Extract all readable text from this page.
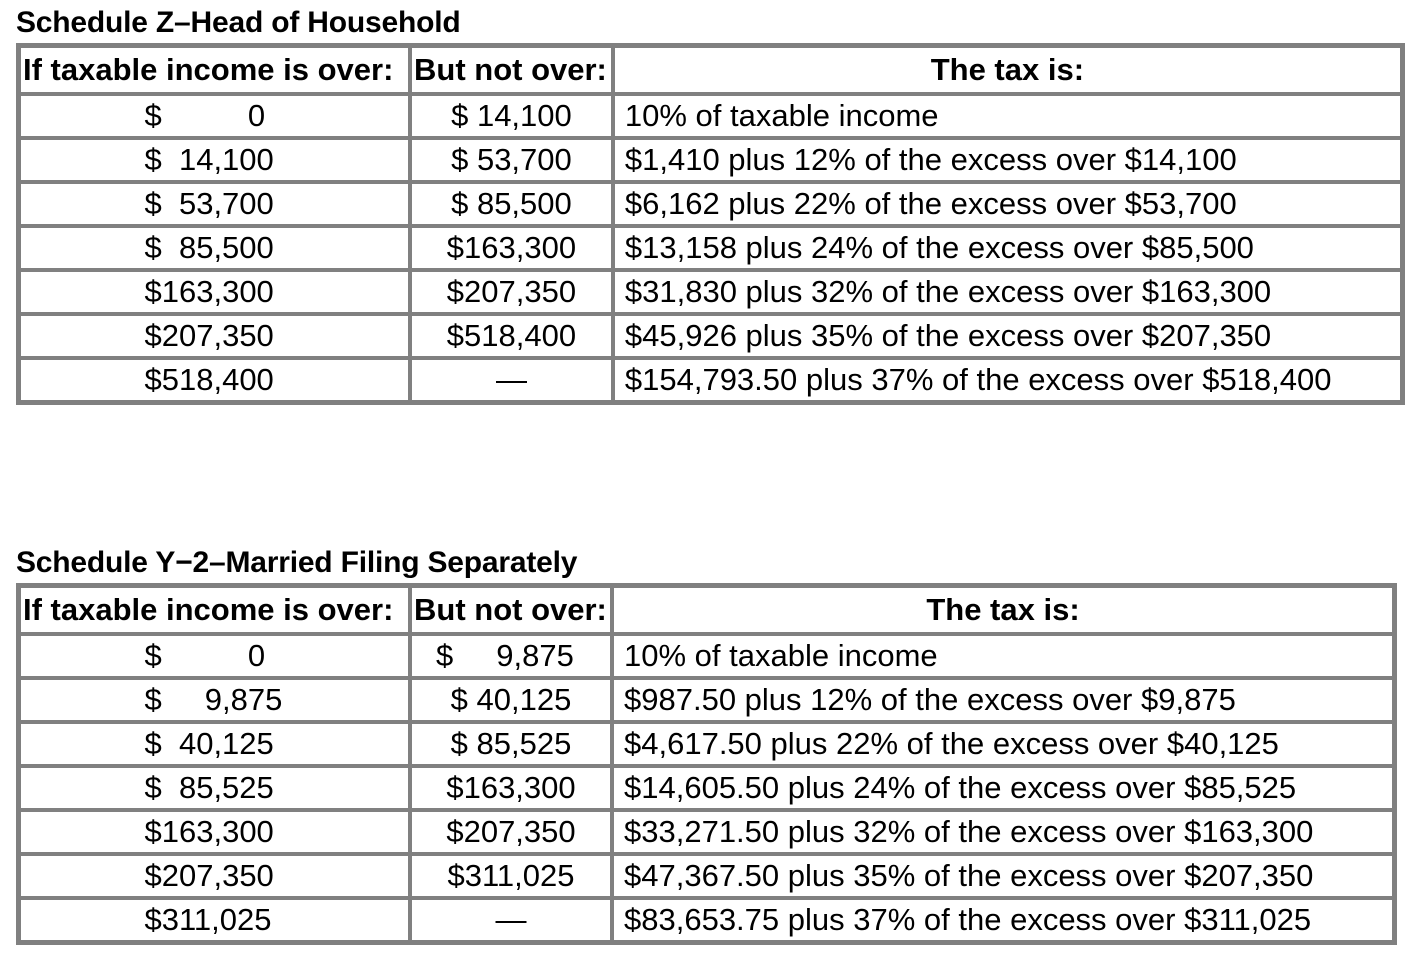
Schedule Z–Head of Household
If taxable income is over:	But not over:	The tax is:
$          0	$ 14,100	10% of taxable income
$  14,100	$ 53,700	$1,410 plus 12% of the excess over $14,100
$  53,700	$ 85,500	$6,162 plus 22% of the excess over $53,700
$  85,500	$163,300	$13,158 plus 24% of the excess over $85,500
$163,300	$207,350	$31,830 plus 32% of the excess over $163,300
$207,350	$518,400	$45,926 plus 35% of the excess over $207,350
$518,400	—	$154,793.50 plus 37% of the excess over $518,400
Schedule Y−2–Married Filing Separately
If taxable income is over:	But not over:	The tax is:
$          0	$     9,875	10% of taxable income
$     9,875	$ 40,125	$987.50 plus 12% of the excess over $9,875
$  40,125	$ 85,525	$4,617.50 plus 22% of the excess over $40,125
$  85,525	$163,300	$14,605.50 plus 24% of the excess over $85,525
$163,300	$207,350	$33,271.50 plus 32% of the excess over $163,300
$207,350	$311,025	$47,367.50 plus 35% of the excess over $207,350
$311,025	—	$83,653.75 plus 37% of the excess over $311,025
